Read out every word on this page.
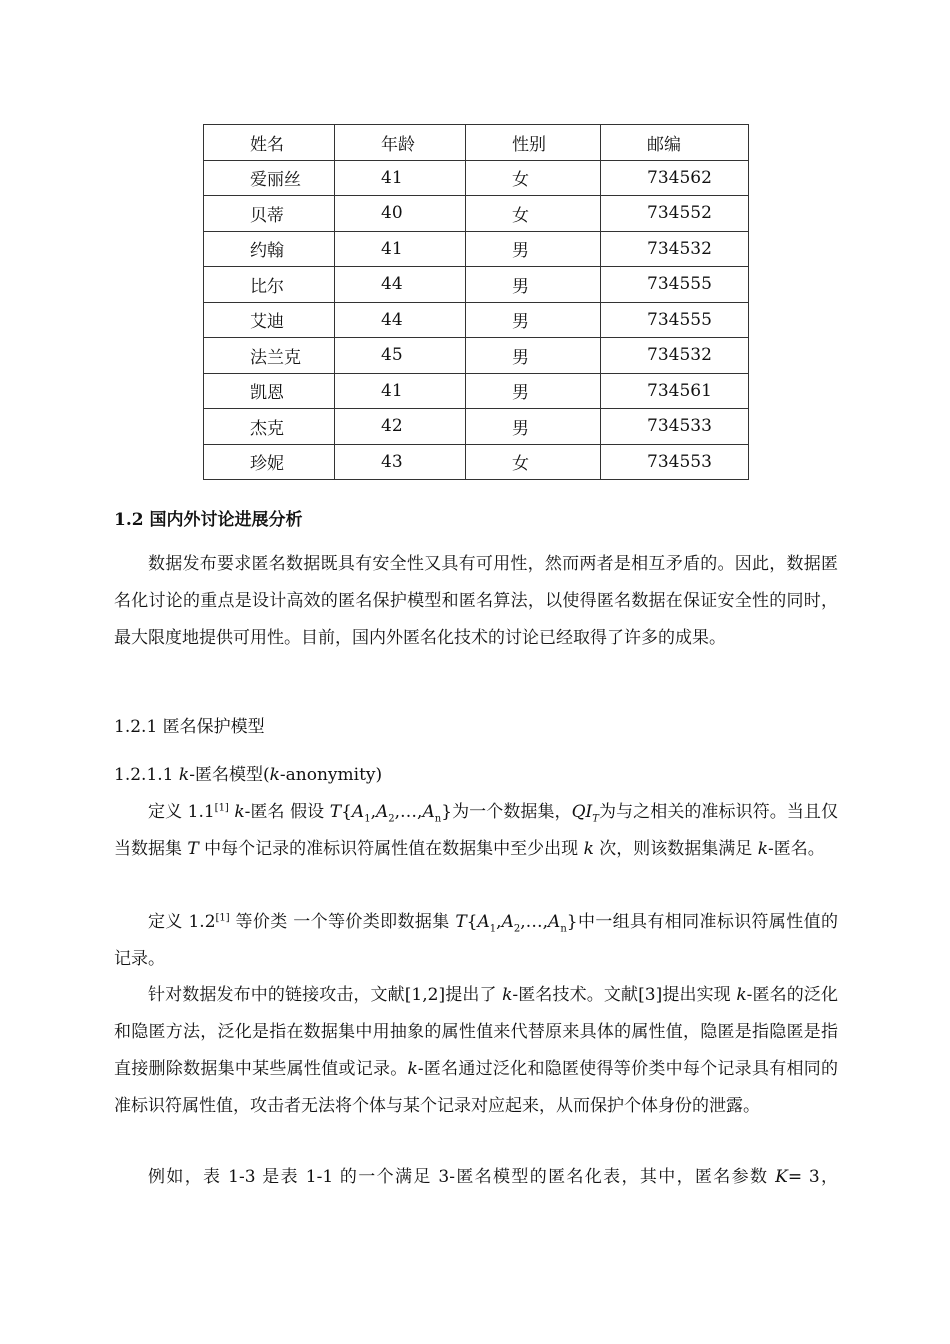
姓名	年龄	性别	邮编
爱丽丝	41	女	734562
贝蒂	40	女	734552
约翰	41	男	734532
比尔	44	男	734555
艾迪	44	男	734555
法兰克	45	男	734532
凯恩	41	男	734561
杰克	42	男	734533
珍妮	43	女	734553
1.2 国内外讨论进展分析

数据发布要求匿名数据既具有安全性又具有可用性，然而两者是相互矛盾的。因此，数据匿名化讨论的重点是设计高效的匿名保护模型和匿名算法，以使得匿名数据在保证安全性的同时，最大限度地提供可用性。目前，国内外匿名化技术的讨论已经取得了许多的成果。

1.2.1 匿名保护模型
1.2.1.1 k-匿名模型(k-anonymity)

定义 1.1[1] k-匿名 假设 $T\{A_1,A_2,\dots,A_n\}$为一个数据集，$QI_T$为与之相关的准标识符。当且仅当数据集 T 中每个记录的准标识符属性值在数据集中至少出现 k 次，则该数据集满足 k-匿名。

定义 1.2[1] 等价类 一个等价类即数据集 $T\{A_1,A_2,\dots,A_n\}$中一组具有相同准标识符属性值的记录。

针对数据发布中的链接攻击，文献[1,2]提出了 k-匿名技术。文献[3]提出实现 k-匿名的泛化和隐匿方法，泛化是指在数据集中用抽象的属性值来代替原来具体的属性值，隐匿是指隐匿是指直接删除数据集中某些属性值或记录。k-匿名通过泛化和隐匿使得等价类中每个记录具有相同的准标识符属性值，攻击者无法将个体与某个记录对应起来，从而保护个体身份的泄露。

例如，表 1-3 是表 1-1 的一个满足 3-匿名模型的匿名化表，其中，匿名参数 K= 3，
